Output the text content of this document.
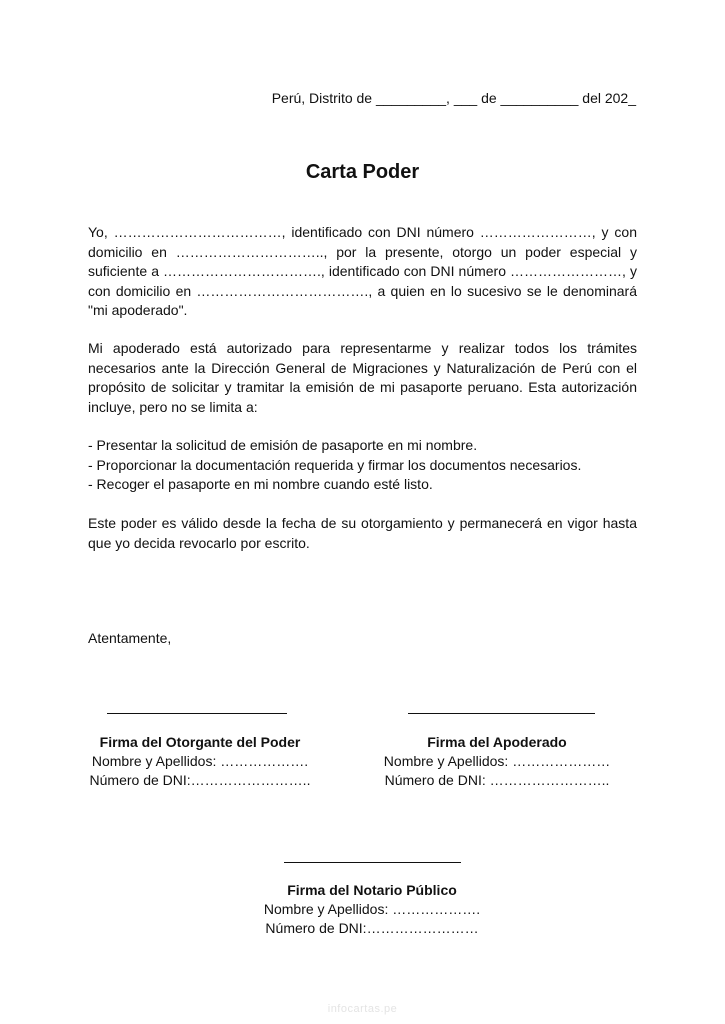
Perú, Distrito de _________, ___ de __________ del 202_
Carta Poder

Yo, ………………………………, identificado con DNI número ……………………, y con domicilio en ………………………….., por la presente, otorgo un poder especial y suficiente a ……………………………., identificado con DNI número ……………………, y con domicilio en ………………………………., a quien en lo sucesivo se le denominará "mi apoderado".

Mi apoderado está autorizado para representarme y realizar todos los trámites necesarios ante la Dirección General de Migraciones y Naturalización de Perú con el propósito de solicitar y tramitar la emisión de mi pasaporte peruano. Esta autorización incluye, pero no se limita a:

- Presentar la solicitud de emisión de pasaporte en mi nombre.
- Proporcionar la documentación requerida y firmar los documentos necesarios.
- Recoger el pasaporte en mi nombre cuando esté listo.

Este poder es válido desde la fecha de su otorgamiento y permanecerá en vigor hasta que yo decida revocarlo por escrito.

Atentamente,
Firma del Otorgante del Poder
Nombre y Apellidos: ……………….
Número de DNI:……………………..
Firma del Apoderado
Nombre y Apellidos: …………………
Número de DNI: ……………………..
Firma del Notario Público
Nombre y Apellidos: ……………….
Número de DNI:……………………
infocartas.pe
